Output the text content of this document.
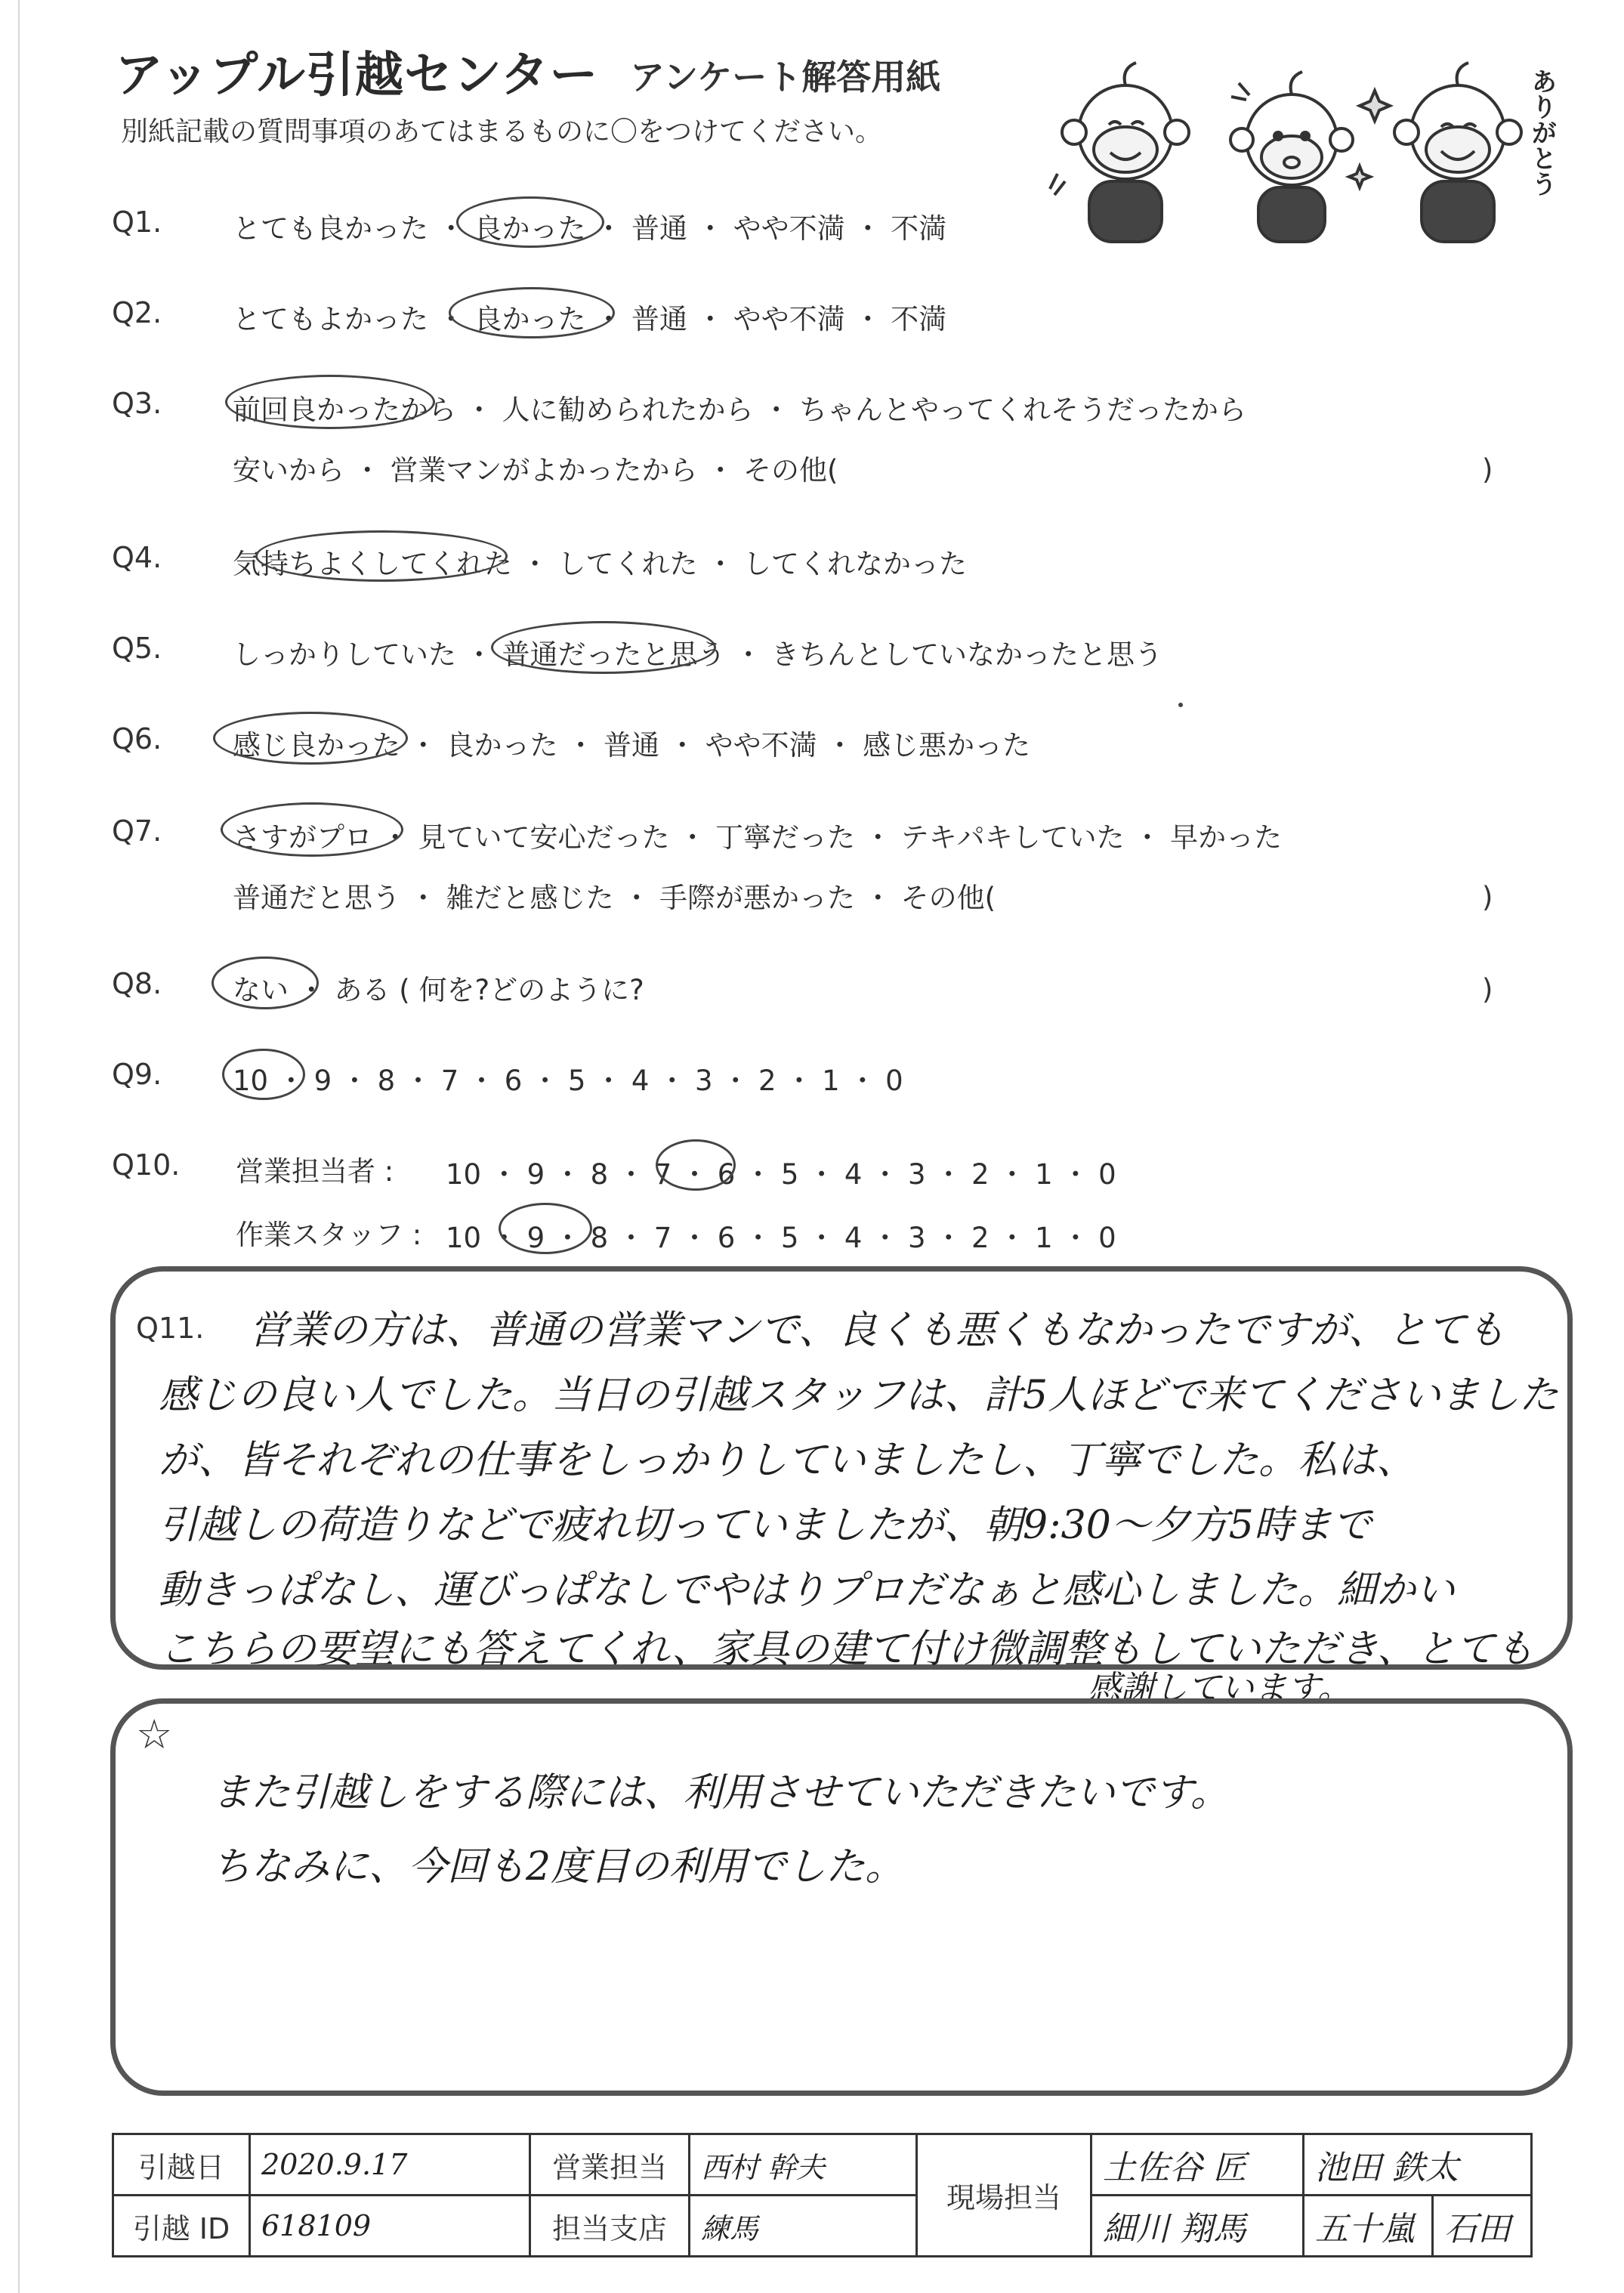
アップル引越センター アンケート解答用紙
別紙記載の質問事項のあてはまるものに〇をつけてください。	ありがとう
Q1.	とても良かった ・ 良かった ・ 普通 ・ やや不満 ・ 不満
Q2.	とてもよかった ・ 良かった ・ 普通 ・ やや不満 ・ 不満
Q3.	前回良かったから ・ 人に勧められたから ・ ちゃんとやってくれそうだったから
安いから ・ 営業マンがよかったから ・ その他(	)
Q4.	気持ちよくしてくれた ・ してくれた ・ してくれなかった
Q5.	しっかりしていた ・ 普通だったと思う ・ きちんとしていなかったと思う
Q6.	感じ良かった ・ 良かった ・ 普通 ・ やや不満 ・ 感じ悪かった
Q7.	さすがプロ ・ 見ていて安心だった ・ 丁寧だった ・ テキパキしていた ・ 早かった
普通だと思う ・ 雑だと感じた ・ 手際が悪かった ・ その他(	)
Q8.	ない ・ ある ( 何を?どのように?	)
Q9.	10 ・ 9 ・ 8 ・ 7 ・ 6 ・ 5 ・ 4 ・ 3 ・ 2 ・ 1 ・ 0
Q10. 営業担当者 : 10 ・ 9 ・ 8 ・ 7 ・ 6 ・ 5 ・ 4 ・ 3 ・ 2 ・ 1 ・ 0
作業スタッフ : 10 ・ 9 ・ 8 ・ 7 ・ 6 ・ 5 ・ 4 ・ 3 ・ 2 ・ 1 ・ 0
Q11. 営業の方は、普通の営業マンで、良くも悪くもなかったですが、とても
感じの良い人でした。当日の引越スタッフは、計5人ほどで来てくださいました
が、皆それぞれの仕事をしっかりしていましたし、丁寧でした。私は、
引越しの荷造りなどで疲れ切っていましたが、朝9:30〜夕方5時まで
動きっぱなし、運びっぱなしでやはりプロだなぁと感心しました。細かい
こちらの要望にも答えてくれ、家具の建て付け微調整もしていただき、とても
感謝しています。
☆
また引越しをする際には、利用させていただきたいです。
ちなみに、今回も2度目の利用でした。
引越日	2020.9.17	営業担当	西村 幹夫	現場担当	土佐谷 匠	池田 鉄太	
引越 ID	618109	担当支店	練馬		細川 翔馬	五十嵐	石田
